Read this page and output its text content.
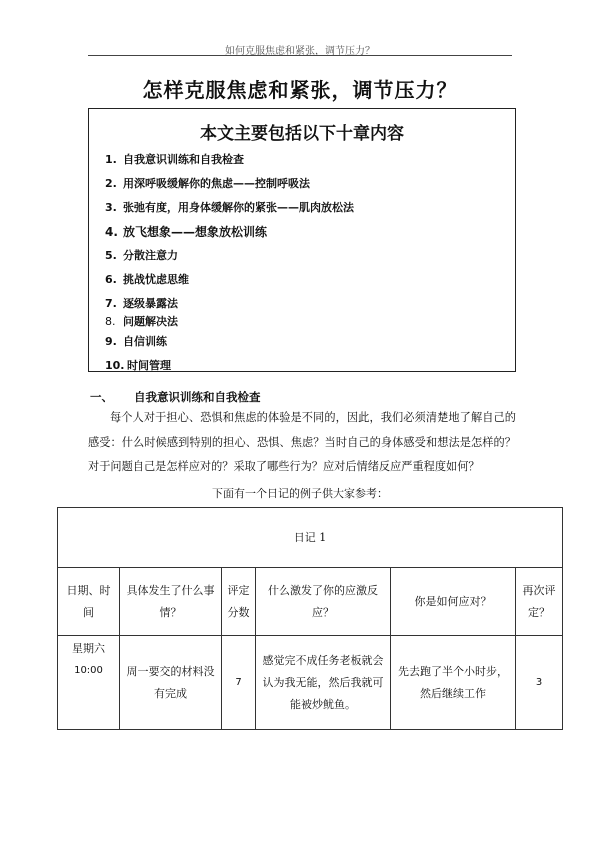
如何克服焦虑和紧张，调节压力？
怎样克服焦虑和紧张，调节压力？
本文主要包括以下十章内容
1. 自我意识训练和自我检查
2. 用深呼吸缓解你的焦虑——控制呼吸法
3. 张弛有度，用身体缓解你的紧张——肌肉放松法
4. 放飞想象——想象放松训练
5. 分散注意力
6. 挑战忧虑思维
7. 逐级暴露法
8. 问题解决法
9. 自信训练
10. 时间管理
一、 自我意识训练和自我检查

每个人对于担心、恐惧和焦虑的体验是不同的，因此，我们必须清楚地了解自己的感受：什么时候感到特别的担心、恐惧、焦虑？当时自己的身体感受和想法是怎样的？对于问题自己是怎样应对的？采取了哪些行为？应对后情绪反应严重程度如何？

下面有一个日记的例子供大家参考：
日记 1					
日期、时间	具体发生了什么事情？	评定分数	什么激发了你的应激反应？	你是如何应对？	再次评定？

星期六
10:00	周一要交的材料没有完成	7	感觉完不成任务老板就会认为我无能，然后我就可能被炒鱿鱼。	先去跑了半个小时步，然后继续工作	3
